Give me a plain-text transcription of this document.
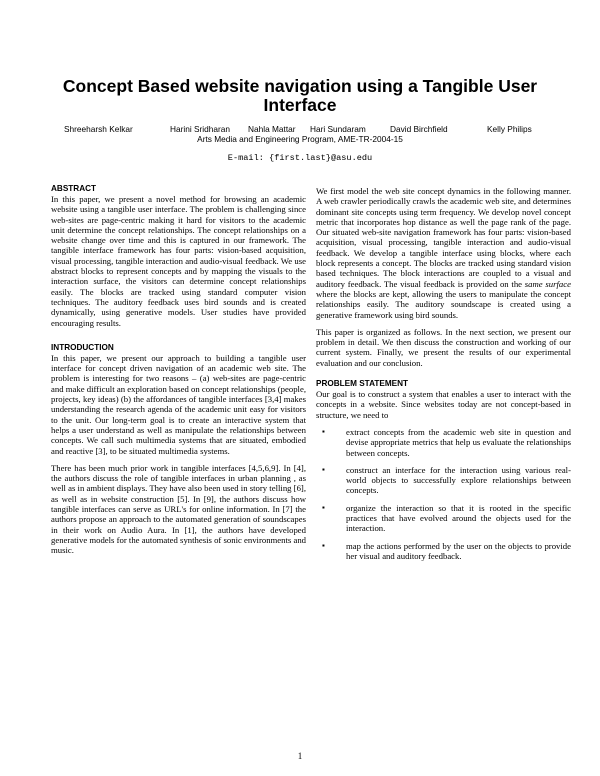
Concept Based website navigation using a Tangible User Interface
Shreeharsh Kelkar	Harini Sridharan Nahla Mattar Hari Sundaram	David Birchfield	Kelly Philips
Arts Media and Engineering Program, AME-TR-2004-15
E-mail: {first.last}@asu.edu
ABSTRACT

In this paper, we present a novel method for browsing an academic website using a tangible user interface. The problem is challenging since web-sites are page-centric making it hard for visitors to the academic unit determine the concept relationships. The concept relationships on a website change over time and this is captured in our framework. The tangible interface framework has four parts: vision-based acquisition, visual processing, tangible interaction and audio-visual feedback. We use abstract blocks to represent concepts and by mapping the visuals to the interaction surface, the visitors can determine concept relationships easily. The blocks are tracked using standard computer vision techniques. The auditory feedback uses bird sounds and is created dynamically, using generative models. User studies have provided encouraging results.

INTRODUCTION

In this paper, we present our approach to building a tangible user interface for concept driven navigation of an academic web site. The problem is interesting for two reasons – (a) web-sites are page-centric and make difficult an exploration based on concept relationships (people, projects, key ideas) (b) the affordances of tangible interfaces [3,4] makes understanding the research agenda of the academic unit easy for visitors to the unit. Our long-term goal is to create an interactive system that helps a user understand as well as manipulate the relationships between concepts. We call such multimedia systems that are situated, embodied and reactive [3], to be situated multimedia systems.

There has been much prior work in tangible interfaces [4,5,6,9]. In [4], the authors discuss the role of tangible interfaces in urban planning , as well as in ambient displays. They have also been used in story telling [6], as well as in website construction [5]. In [9], the authors discuss how tangible interfaces can serve as URL's for online information. In [7] the authors propose an approach to the automated generation of soundscapes in their work on Audio Aura. In [1], the authors have developed generative models for the automated synthesis of sonic environments and music.

We first model the web site concept dynamics in the following manner. A web crawler periodically crawls the academic web site, and determines dominant site concepts using term frequency. We develop novel concept metric that incorporates hop distance as well the page rank of the page. Our situated web-site navigation framework has four parts: vision-based acquisition, visual processing, tangible interaction and audio-visual feedback. We develop a tangible interface using blocks, where each block represents a concept. The blocks are tracked using standard vision based techniques. The block interactions are coupled to a visual and auditory feedback. The visual feedback is provided on the same surface where the blocks are kept, allowing the users to manipulate the concept relationships easily. The auditory soundscape is created using a generative framework using bird sounds.

This paper is organized as follows. In the next section, we present our problem in detail. We then discuss the construction and working of our current system. Finally, we present the results of our experimental evaluation and our conclusion.

PROBLEM STATEMENT

Our goal is to construct a system that enables a user to interact with the concepts in a website. Since websites today are not concept-based in structure, we need to

▪ extract concepts from the academic web site in question and devise appropriate metrics that help us evaluate the relationships between concepts.
▪ construct an interface for the interaction using various real-world objects to successfully explore relationships between concepts.
▪ organize the interaction so that it is rooted in the specific practices that have evolved around the objects used for the interaction.
▪ map the actions performed by the user on the objects to provide her visual and auditory feedback.
1
